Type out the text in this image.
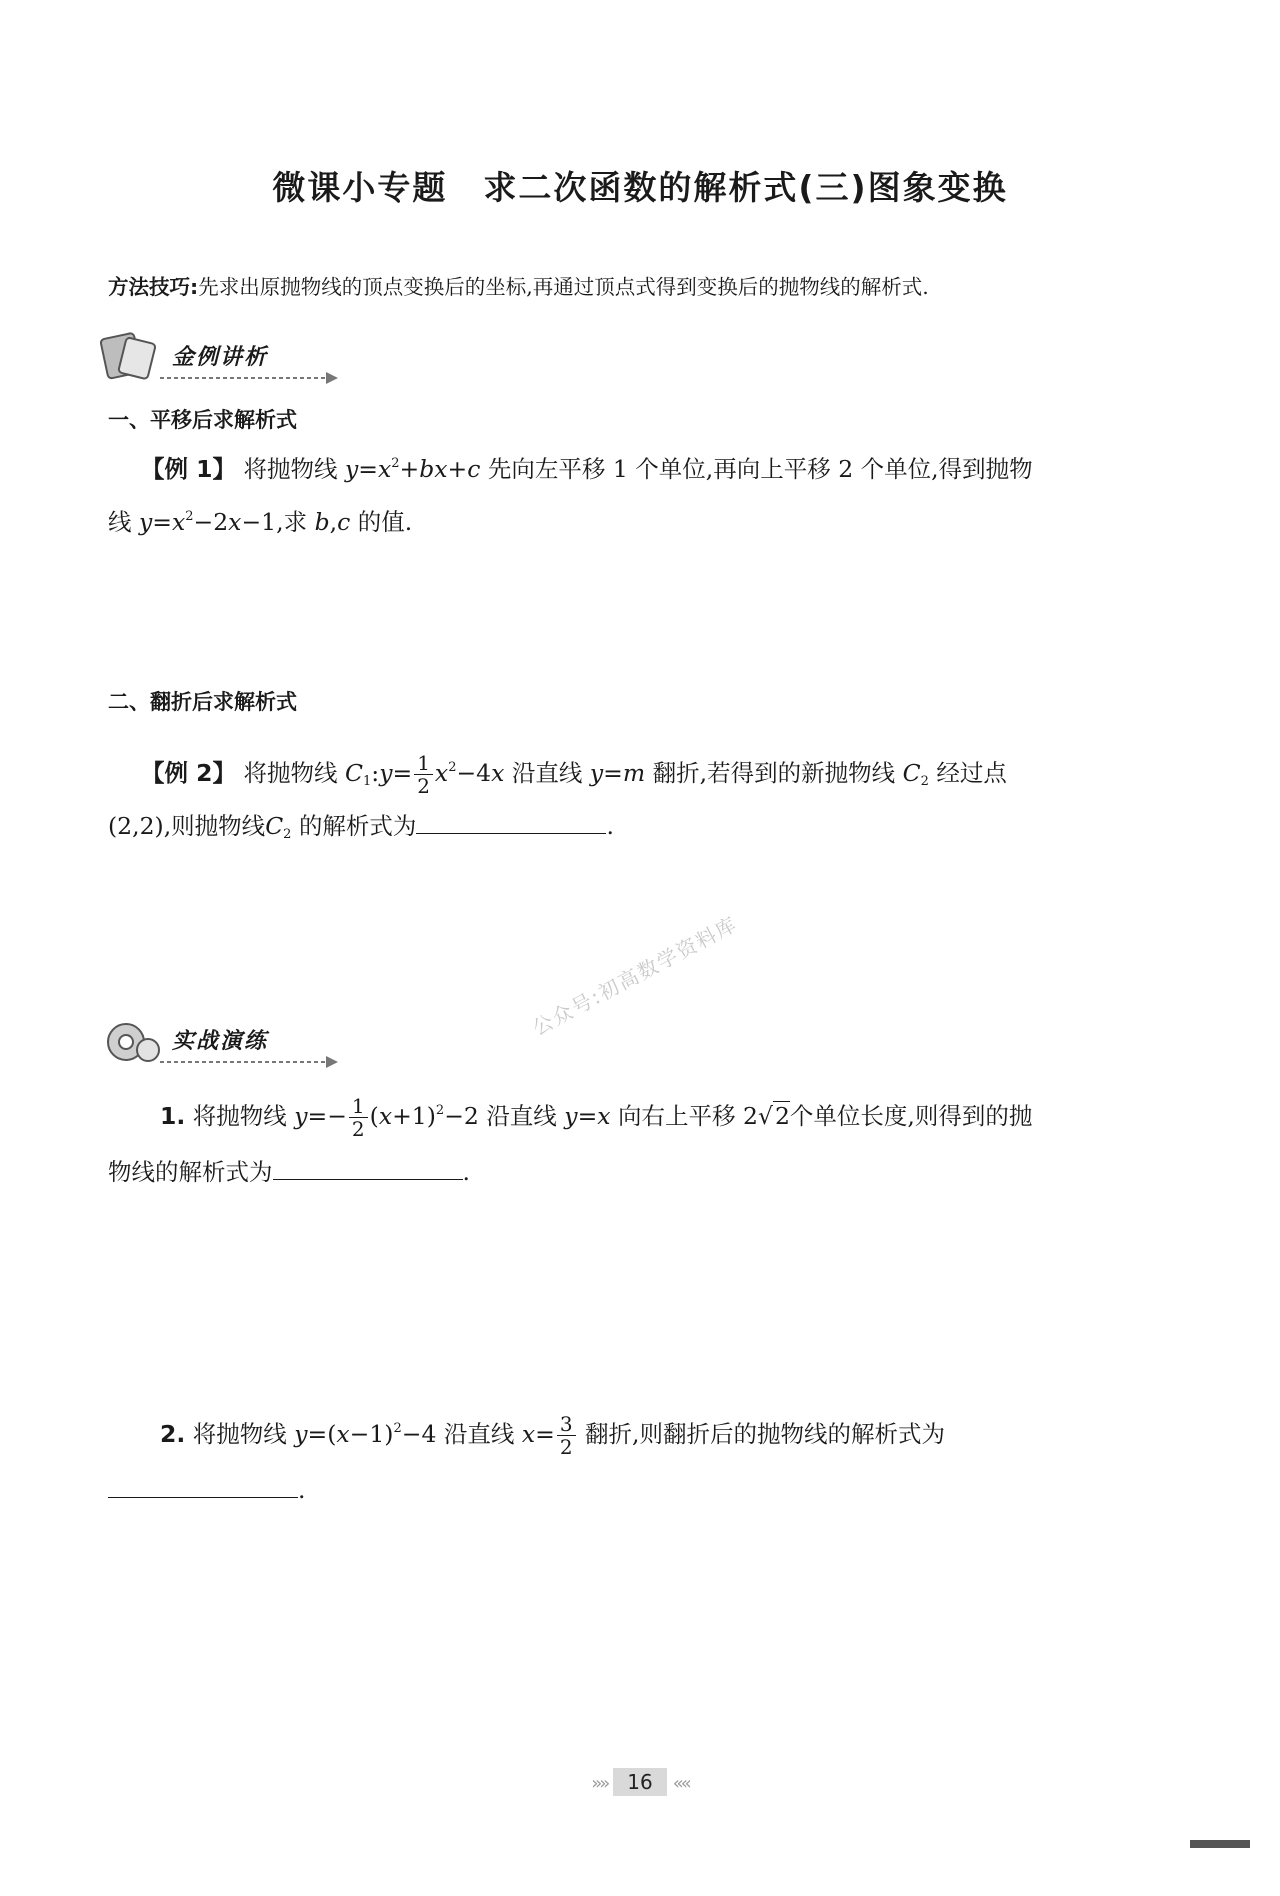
微课小专题 求二次函数的解析式(三)图象变换
方法技巧:先求出原抛物线的顶点变换后的坐标,再通过顶点式得到变换后的抛物线的解析式.
金例讲析
一、平移后求解析式
【例 1】 将抛物线 $y=x^2+bx+c$ 先向左平移 1 个单位,再向上平移 2 个单位,得到抛物
线 $y=x^2-2x-1$,求 b,c 的值.
二、翻折后求解析式
【例 2】 将抛物线 $C_1:y= \frac{1}{2} x^2-4x$ 沿直线 y=m 翻折,若得到的新抛物线 $C_2$ 经过点
(2,2),则抛物线$C_2$ 的解析式为	.
公众号:初高数学资料库
实战演练
1. 将抛物线 $y=- \frac{1}{2} (x+1)^2-2$ 沿直线 y=x 向右上平移 2√2个单位长度,则得到的抛
物线的解析式为	.
2. 将抛物线 $y=(x-1)^2-4$ 沿直线 $x= \frac{3}{2}$ 翻折,则翻折后的抛物线的解析式为
.
»» 16 ««
